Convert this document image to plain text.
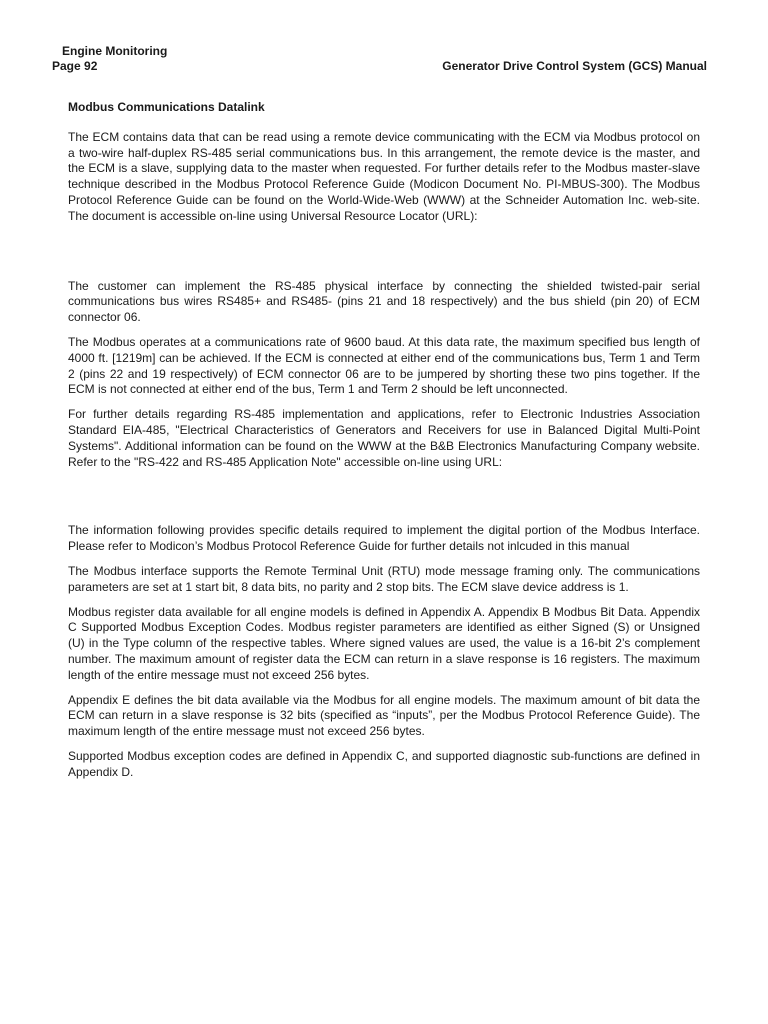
Engine Monitoring
Page 92	Generator Drive Control System (GCS) Manual
Modbus Communications Datalink

The ECM contains data that can be read using a remote device communicating with the ECM via Modbus protocol on a two-wire half-duplex RS-485 serial communications bus. In this arrangement, the remote device is the master, and the ECM is a slave, supplying data to the master when requested. For further details refer to the Modbus master-slave technique described in the Modbus Protocol Reference Guide (Modicon Document No. PI-MBUS-300). The Modbus Protocol Reference Guide can be found on the World-Wide-Web (WWW) at the Schneider Automation Inc. web-site. The document is accessible on-line using Universal Resource Locator (URL):

The customer can implement the RS-485 physical interface by connecting the shielded twisted-pair serial communications bus wires RS485+ and RS485- (pins 21 and 18 respectively) and the bus shield (pin 20) of ECM connector 06.

The Modbus operates at a communications rate of 9600 baud. At this data rate, the maximum specified bus length of 4000 ft. [1219m] can be achieved. If the ECM is connected at either end of the communications bus, Term 1 and Term 2 (pins 22 and 19 respectively) of ECM connector 06 are to be jumpered by shorting these two pins together. If the ECM is not connected at either end of the bus, Term 1 and Term 2 should be left unconnected.

For further details regarding RS-485 implementation and applications, refer to Electronic Industries Association Standard EIA-485, "Electrical Characteristics of Generators and Receivers for use in Balanced Digital Multi-Point Systems". Additional information can be found on the WWW at the B&B Electronics Manufacturing Company website. Refer to the "RS-422 and RS-485 Application Note" accessible on-line using URL:

The information following provides specific details required to implement the digital portion of the Modbus Interface. Please refer to Modicon’s Modbus Protocol Reference Guide for further details not inlcuded in this manual

The Modbus interface supports the Remote Terminal Unit (RTU) mode message framing only. The communications parameters are set at 1 start bit, 8 data bits, no parity and 2 stop bits. The ECM slave device address is 1.

Modbus register data available for all engine models is defined in Appendix A. Appendix B Modbus Bit Data. Appendix C Supported Modbus Exception Codes. Modbus register parameters are identified as either Signed (S) or Unsigned (U) in the Type column of the respective tables. Where signed values are used, the value is a 16-bit 2’s complement number. The maximum amount of register data the ECM can return in a slave response is 16 registers. The maximum length of the entire message must not exceed 256 bytes.

Appendix E defines the bit data available via the Modbus for all engine models. The maximum amount of bit data the ECM can return in a slave response is 32 bits (specified as “inputs”, per the Modbus Protocol Reference Guide). The maximum length of the entire message must not exceed 256 bytes.

Supported Modbus exception codes are defined in Appendix C, and supported diagnostic sub-functions are defined in Appendix D.
